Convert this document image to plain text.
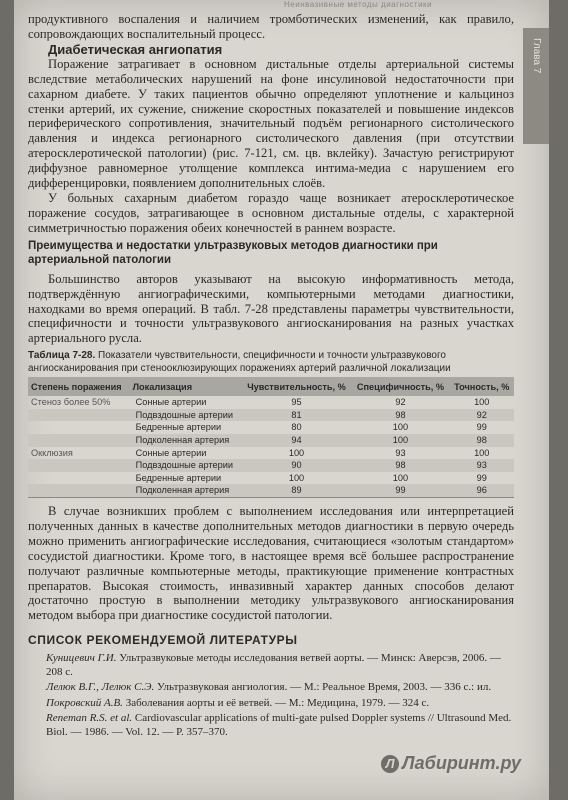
Неинвазивные методы диагностики
Глава 7

продуктивного воспаления и наличием тромботических изменений, как правило, сопровождающих воспалительный процесс.

Диабетическая ангиопатия

Поражение затрагивает в основном дистальные отделы артериальной системы вследствие метаболических нарушений на фоне инсулиновой недостаточности при сахарном диабете. У таких пациентов обычно определяют уплотнение и кальциноз стенки артерий, их сужение, снижение скоростных показателей и повышение индексов периферического сопротивления, значительный подъём регионарного систолического давления и индекса регионарного систолического давления (при отсутствии атеросклеротической патологии) (рис. 7-121, см. цв. вклейку). Зачастую регистрируют диффузное равномерное утолщение комплекса интима-медиа с нарушением его дифференцировки, появлением дополнительных слоёв.

У больных сахарным диабетом гораздо чаще возникает атеросклеротическое поражение сосудов, затрагивающее в основном дистальные отделы, с характерной симметричностью поражения обеих конечностей в раннем возрасте.

Преимущества и недостатки ультразвуковых методов диагностики при артериальной патологии

Большинство авторов указывают на высокую информативность метода, подтверждённую ангиографическими, компьютерными методами диагностики, находками во время операций. В табл. 7-28 представлены параметры чувствительности, специфичности и точности ультразвукового ангиосканирования на разных участках артериального русла.

Таблица 7-28. Показатели чувствительности, специфичности и точности ультразвукового ангиосканирования при стенооклюзирующих поражениях артерий различной локализации
Степень поражения	Локализация	Чувствительность, %	Специфичность, %	Точность, %
Стеноз более 50%	Сонные артерии	95	92	100
	Подвздошные артерии	81	98	92
	Бедренные артерии	80	100	99
	Подколенная артерия	94	100	98
Окклюзия	Сонные артерии	100	93	100
	Подвздошные артерии	90	98	93
	Бедренные артерии	100	100	99
	Подколенная артерия	89	99	96

В случае возникших проблем с выполнением исследования или интерпретацией полученных данных в качестве дополнительных методов диагностики в первую очередь можно применить ангиографические исследования, считающиеся «золотым стандартом» сосудистой диагностики. Кроме того, в настоящее время всё большее распространение получают различные компьютерные методы, практикующие применение контрастных препаратов. Высокая стоимость, инвазивный характер данных способов делают достаточно простую в выполнении методику ультразвукового ангиосканирования методом выбора при диагностике сосудистой патологии.

СПИСОК РЕКОМЕНДУЕМОЙ ЛИТЕРАТУРЫ
Куницевич Г.И. Ультразвуковые методы исследования ветвей аорты. — Минск: Аверсэв, 2006. — 208 с.
Лелюк В.Г., Лелюк С.Э. Ультразвуковая ангиология. — М.: Реальное Время, 2003. — 336 с.: ил.
Покровский А.В. Заболевания аорты и её ветвей. — М.: Медицина, 1979. — 324 с.
Reneman R.S. et al. Cardiovascular applications of multi-gate pulsed Doppler systems // Ultrasound Med. Biol. — 1986. — Vol. 12. — P. 357–370.
Л Лабиринт.ру
